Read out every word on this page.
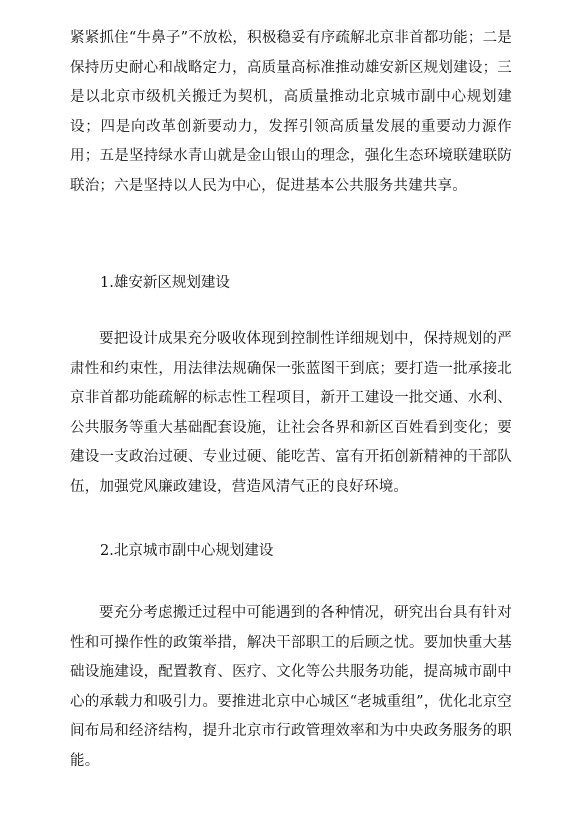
紧紧抓住“牛鼻子”不放松，积极稳妥有序疏解北京非首都功能；二是保持历史耐心和战略定力，高质量高标准推动雄安新区规划建设；三是以北京市级机关搬迁为契机，高质量推动北京城市副中心规划建设；四是向改革创新要动力，发挥引领高质量发展的重要动力源作用；五是坚持绿水青山就是金山银山的理念，强化生态环境联建联防联治；六是坚持以人民为中心，促进基本公共服务共建共享。

1.雄安新区规划建设

要把设计成果充分吸收体现到控制性详细规划中，保持规划的严肃性和约束性，用法律法规确保一张蓝图干到底；要打造一批承接北京非首都功能疏解的标志性工程项目，新开工建设一批交通、水利、公共服务等重大基础配套设施，让社会各界和新区百姓看到变化；要建设一支政治过硬、专业过硬、能吃苦、富有开拓创新精神的干部队伍，加强党风廉政建设，营造风清气正的良好环境。

2.北京城市副中心规划建设

要充分考虑搬迁过程中可能遇到的各种情况，研究出台具有针对性和可操作性的政策举措，解决干部职工的后顾之忧。要加快重大基础设施建设，配置教育、医疗、文化等公共服务功能，提高城市副中心的承载力和吸引力。要推进北京中心城区“老城重组”，优化北京空间布局和经济结构，提升北京市行政管理效率和为中央政务服务的职能。
